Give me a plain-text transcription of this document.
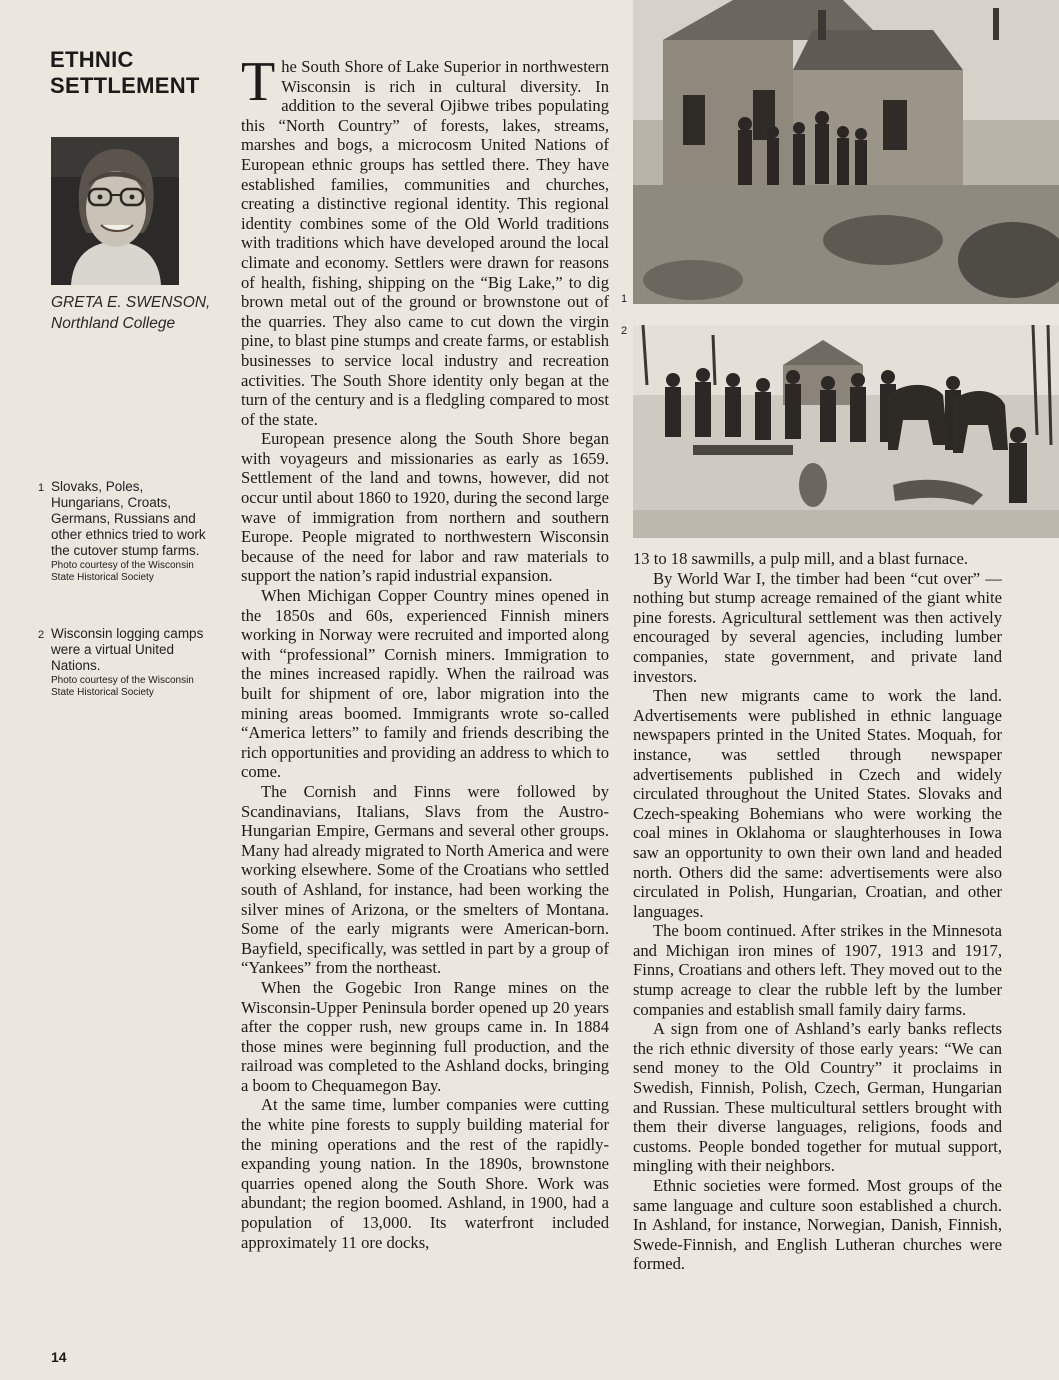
ETHNIC
SETTLEMENT
GRETA E. SWENSON,
Northland College
1 Slovaks, Poles, Hungarians, Croats, Germans, Russians and other ethnics tried to work the cutover stump farms.
Photo courtesy of the Wisconsin State Historical Society
2 Wisconsin logging camps were a virtual United Nations.
Photo courtesy of the Wisconsin State Historical Society

The South Shore of Lake Superior in northwestern Wisconsin is rich in cultural diversity. In addition to the several Ojibwe tribes populating this “North Country” of forests, lakes, streams, marshes and bogs, a microcosm United Nations of European ethnic groups has settled there. They have established families, communities and churches, creating a distinctive regional identity. This regional identity combines some of the Old World traditions with traditions which have developed around the local climate and economy. Settlers were drawn for reasons of health, fishing, shipping on the “Big Lake,” to dig brown metal out of the ground or brownstone out of the quarries. They also came to cut down the virgin pine, to blast pine stumps and create farms, or establish businesses to service local industry and recreation activities. The South Shore identity only began at the turn of the century and is a fledgling compared to most of the state.

European presence along the South Shore began with voyageurs and missionaries as early as 1659. Settlement of the land and towns, however, did not occur until about 1860 to 1920, during the second large wave of immigration from northern and southern Europe. People migrated to northwestern Wisconsin because of the need for labor and raw materials to support the nation’s rapid industrial expansion.

When Michigan Copper Country mines opened in the 1850s and 60s, experienced Finnish miners working in Norway were recruited and imported along with “professional” Cornish miners. Immigration to the mines increased rapidly. When the railroad was built for shipment of ore, labor migration into the mining areas boomed. Immigrants wrote so-called “America letters” to family and friends describing the rich opportunities and providing an address to which to come.

The Cornish and Finns were followed by Scandinavians, Italians, Slavs from the Austro-Hungarian Empire, Germans and several other groups. Many had already migrated to North America and were working elsewhere. Some of the Croatians who settled south of Ashland, for instance, had been working the silver mines of Arizona, or the smelters of Montana. Some of the early migrants were American-born. Bayfield, specifically, was settled in part by a group of “Yankees” from the northeast.

When the Gogebic Iron Range mines on the Wisconsin-Upper Peninsula border opened up 20 years after the copper rush, new groups came in. In 1884 those mines were beginning full production, and the railroad was completed to the Ashland docks, bringing a boom to Chequamegon Bay.

At the same time, lumber companies were cutting the white pine forests to supply building material for the mining operations and the rest of the rapidly-expanding young nation. In the 1890s, brownstone quarries opened along the South Shore. Work was abundant; the region boomed. Ashland, in 1900, had a population of 13,000. Its waterfront included approximately 11 ore docks,

1
2

13 to 18 sawmills, a pulp mill, and a blast furnace.

By World War I, the timber had been “cut over” — nothing but stump acreage remained of the giant white pine forests. Agricultural settlement was then actively encouraged by several agencies, including lumber companies, state government, and private land investors.

Then new migrants came to work the land. Advertisements were published in ethnic language newspapers printed in the United States. Moquah, for instance, was settled through newspaper advertisements published in Czech and widely circulated throughout the United States. Slovaks and Czech-speaking Bohemians who were working the coal mines in Oklahoma or slaughterhouses in Iowa saw an opportunity to own their own land and headed north. Others did the same: advertisements were also circulated in Polish, Hungarian, Croatian, and other languages.

The boom continued. After strikes in the Minnesota and Michigan iron mines of 1907, 1913 and 1917, Finns, Croatians and others left. They moved out to the stump acreage to clear the rubble left by the lumber companies and establish small family dairy farms.

A sign from one of Ashland’s early banks reflects the rich ethnic diversity of those early years: “We can send money to the Old Country” it proclaims in Swedish, Finnish, Polish, Czech, German, Hungarian and Russian. These multicultural settlers brought with them their diverse languages, religions, foods and customs. People bonded together for mutual support, mingling with their neighbors.

Ethnic societies were formed. Most groups of the same language and culture soon established a church. In Ashland, for instance, Norwegian, Danish, Finnish, Swede-Finnish, and English Lutheran churches were formed.

14
